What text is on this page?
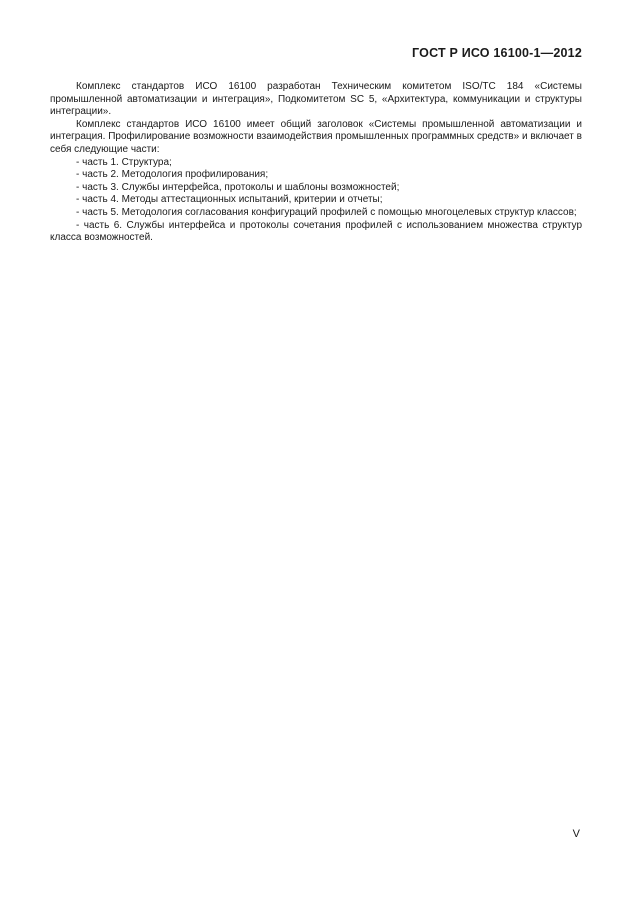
ГОСТ Р ИСО 16100-1—2012

Комплекс стандартов ИСО 16100 разработан Техническим комитетом ISO/TC 184 «Системы промышленной автоматизации и интеграция», Подкомитетом SC 5, «Архитектура, коммуникации и структуры интеграции».

Комплекс стандартов ИСО 16100 имеет общий заголовок «Системы промышленной автоматизации и интеграция. Профилирование возможности взаимодействия промышленных программных средств» и включает в себя следующие части:

- часть 1. Структура;

- часть 2. Методология профилирования;

- часть 3. Службы интерфейса, протоколы и шаблоны возможностей;

- часть 4. Методы аттестационных испытаний, критерии и отчеты;

- часть 5. Методология согласования конфигураций профилей с помощью многоцелевых структур классов;

- часть 6. Службы интерфейса и протоколы сочетания профилей с использованием множества структур класса возможностей.

V
